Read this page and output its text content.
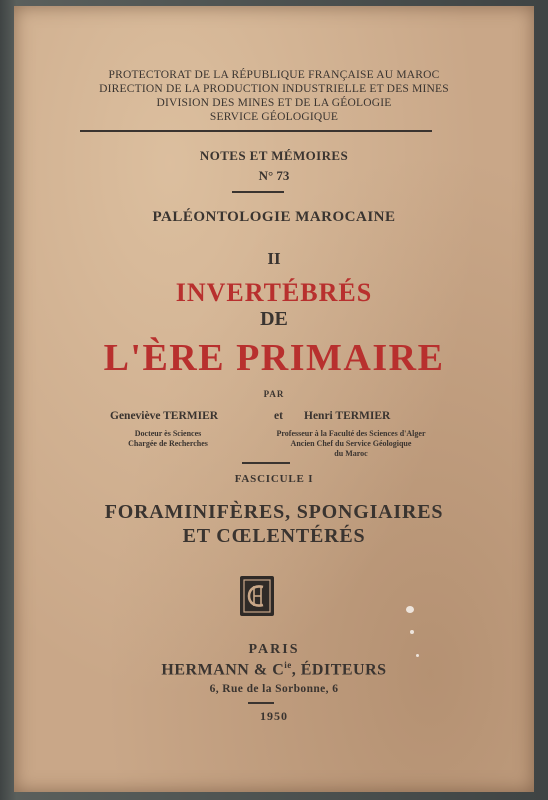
PROTECTORAT DE LA RÉPUBLIQUE FRANÇAISE AU MAROC
DIRECTION DE LA PRODUCTION INDUSTRIELLE ET DES MINES
DIVISION DES MINES ET DE LA GÉOLOGIE
SERVICE GÉOLOGIQUE
NOTES ET MÉMOIRES
N° 73
PALÉONTOLOGIE MAROCAINE
II
INVERTÉBRÉS
DE
L'ÈRE PRIMAIRE
PAR
Geneviève TERMIER	et Henri TERMIER
Docteur ès Sciences
Chargée de Recherches
Professeur à la Faculté des Sciences d'Alger
Ancien Chef du Service Géologique
du Maroc
FASCICULE I
FORAMINIFÈRES, SPONGIAIRES
ET CŒLENTÉRÉS
PARIS
HERMANN & $C^{ie}$, ÉDITEURS
6, Rue de la Sorbonne, 6
1950
